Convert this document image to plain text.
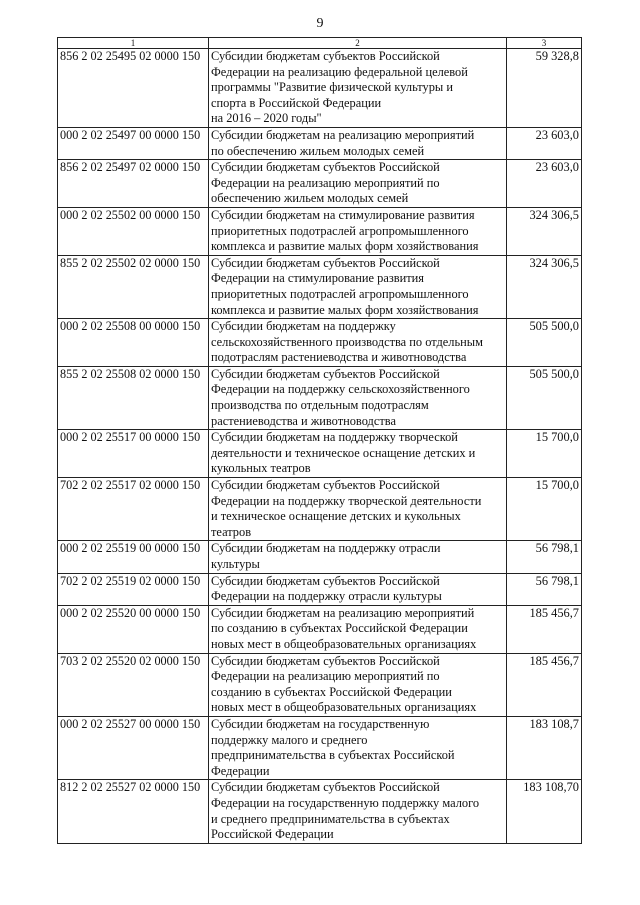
9
1	2	3
856 2 02 25495 02 0000 150	Субсидии бюджетам субъектов Российской
Федерации на реализацию федеральной целевой
программы "Развитие физической культуры и
спорта в Российской Федерации
на 2016 – 2020 годы"	59 328,8
000 2 02 25497 00 0000 150	Субсидии бюджетам на реализацию мероприятий
по обеспечению жильем молодых семей	23 603,0
856 2 02 25497 02 0000 150	Субсидии бюджетам субъектов Российской
Федерации на реализацию мероприятий по
обеспечению жильем молодых семей	23 603,0
000 2 02 25502 00 0000 150	Субсидии бюджетам на стимулирование развития
приоритетных подотраслей агропромышленного
комплекса и развитие малых форм хозяйствования	324 306,5
855 2 02 25502 02 0000 150	Субсидии бюджетам субъектов Российской
Федерации на стимулирование развития
приоритетных подотраслей агропромышленного
комплекса и развитие малых форм хозяйствования	324 306,5
000 2 02 25508 00 0000 150	Субсидии бюджетам на поддержку
сельскохозяйственного производства по отдельным
подотраслям растениеводства и животноводства	505 500,0
855 2 02 25508 02 0000 150	Субсидии бюджетам субъектов Российской
Федерации на поддержку сельскохозяйственного
производства по отдельным подотраслям
растениеводства и животноводства	505 500,0
000 2 02 25517 00 0000 150	Субсидии бюджетам на поддержку творческой
деятельности и техническое оснащение детских и
кукольных театров	15 700,0
702 2 02 25517 02 0000 150	Субсидии бюджетам субъектов Российской
Федерации на поддержку творческой деятельности
и техническое оснащение детских и кукольных
театров	15 700,0
000 2 02 25519 00 0000 150	Субсидии бюджетам на поддержку отрасли
культуры	56 798,1
702 2 02 25519 02 0000 150	Субсидии бюджетам субъектов Российской
Федерации на поддержку отрасли культуры	56 798,1
000 2 02 25520 00 0000 150	Субсидии бюджетам на реализацию мероприятий
по созданию в субъектах Российской Федерации
новых мест в общеобразовательных организациях	185 456,7
703 2 02 25520 02 0000 150	Субсидии бюджетам субъектов Российской
Федерации на реализацию мероприятий по
созданию в субъектах Российской Федерации
новых мест в общеобразовательных организациях	185 456,7
000 2 02 25527 00 0000 150	Субсидии бюджетам на государственную
поддержку малого и среднего
предпринимательства в субъектах Российской
Федерации	183 108,7
812 2 02 25527 02 0000 150	Субсидии бюджетам субъектов Российской
Федерации на государственную поддержку малого
и среднего предпринимательства в субъектах
Российской Федерации	183 108,70
